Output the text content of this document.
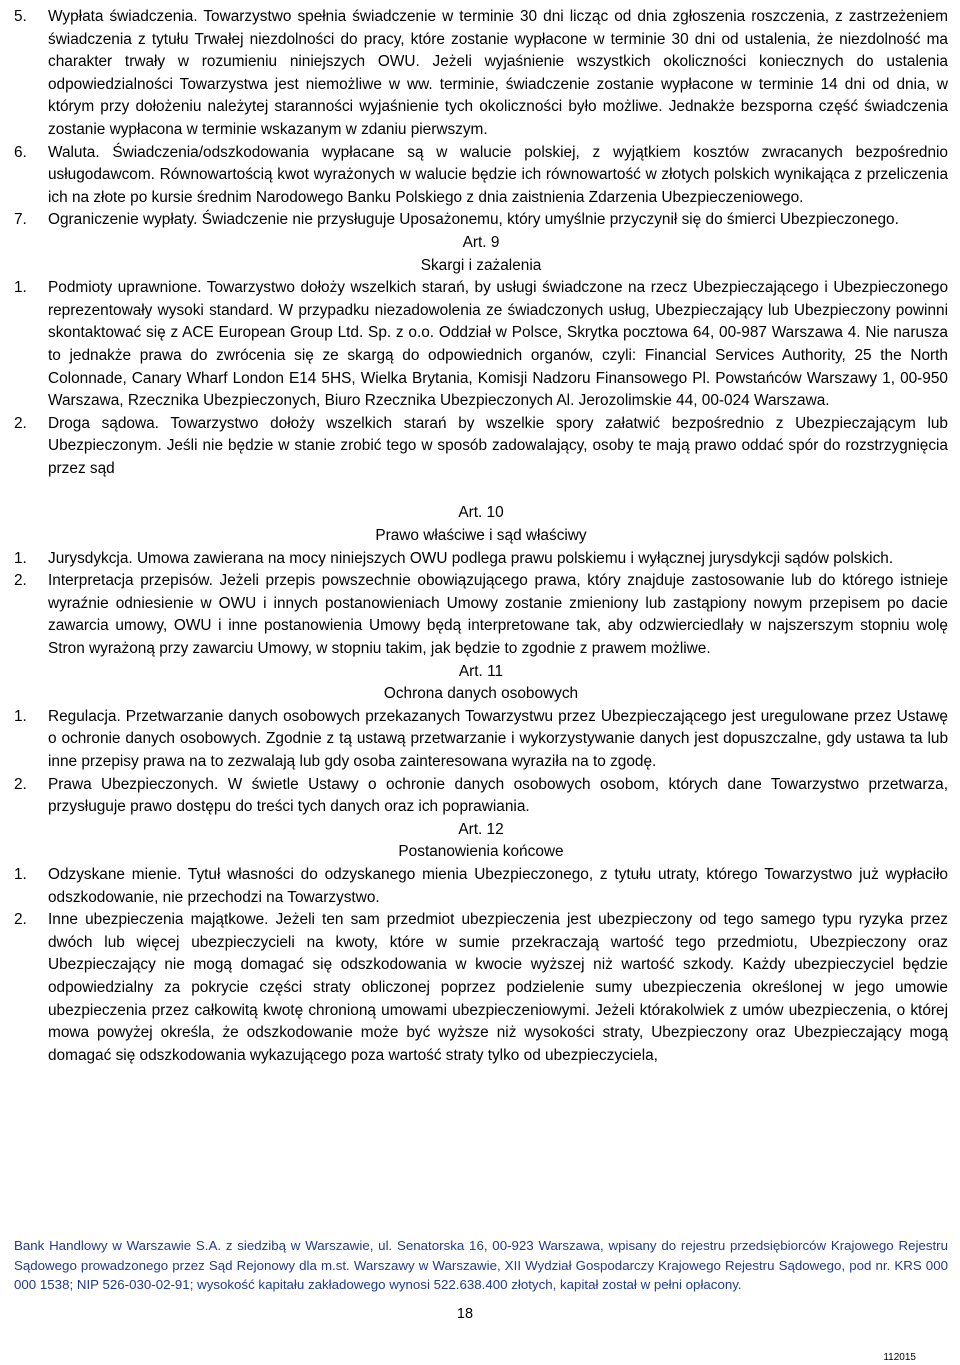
5.	Wypłata świadczenia. Towarzystwo spełnia świadczenie w terminie 30 dni licząc od dnia zgłoszenia roszczenia, z zastrzeżeniem świadczenia z tytułu Trwałej niezdolności do pracy, które zostanie wypłacone w terminie 30 dni od ustalenia, że niezdolność ma charakter trwały w rozumieniu niniejszych OWU. Jeżeli wyjaśnienie wszystkich okoliczności koniecznych do ustalenia odpowiedzialności Towarzystwa jest niemożliwe w ww. terminie, świadczenie zostanie wypłacone w terminie 14 dni od dnia, w którym przy dołożeniu należytej staranności wyjaśnienie tych okoliczności było możliwe. Jednakże bezsporna część świadczenia zostanie wypłacona w terminie wskazanym w zdaniu pierwszym.
6.	Waluta. Świadczenia/odszkodowania wypłacane są w walucie polskiej, z wyjątkiem kosztów zwracanych bezpośrednio usługodawcom. Równowartością kwot wyrażonych w walucie będzie ich równowartość w złotych polskich wynikająca z przeliczenia ich na złote po kursie średnim Narodowego Banku Polskiego z dnia zaistnienia Zdarzenia Ubezpieczeniowego.
7.	Ograniczenie wypłaty. Świadczenie nie przysługuje Uposażonemu, który umyślnie przyczynił się do śmierci Ubezpieczonego.
Art. 9
Skargi i zażalenia
1.	Podmioty uprawnione. Towarzystwo dołoży wszelkich starań, by usługi świadczone na rzecz Ubezpieczającego i Ubezpieczonego reprezentowały wysoki standard. W przypadku niezadowolenia ze świadczonych usług, Ubezpieczający lub Ubezpieczony powinni skontaktować się z ACE European Group Ltd. Sp. z o.o. Oddział w Polsce, Skrytka pocztowa 64, 00-987 Warszawa 4. Nie narusza to jednakże prawa do zwrócenia się ze skargą do odpowiednich organów, czyli: Financial Services Authority, 25 the North Colonnade, Canary Wharf London E14 5HS, Wielka Brytania, Komisji Nadzoru Finansowego Pl. Powstańców Warszawy 1, 00-950 Warszawa, Rzecznika Ubezpieczonych, Biuro Rzecznika Ubezpieczonych Al. Jerozolimskie 44, 00-024 Warszawa.
2.	Droga sądowa. Towarzystwo dołoży wszelkich starań by wszelkie spory załatwić bezpośrednio z Ubezpieczającym lub Ubezpieczonym. Jeśli nie będzie w stanie zrobić tego w sposób zadowalający, osoby te mają prawo oddać spór do rozstrzygnięcia przez sąd
Art. 10
Prawo właściwe i sąd właściwy
1.	Jurysdykcja. Umowa zawierana na mocy niniejszych OWU podlega prawu polskiemu i wyłącznej jurysdykcji sądów polskich.
2.	Interpretacja przepisów. Jeżeli przepis powszechnie obowiązującego prawa, który znajduje zastosowanie lub do którego istnieje wyraźnie odniesienie w OWU i innych postanowieniach Umowy zostanie zmieniony lub zastąpiony nowym przepisem po dacie zawarcia umowy, OWU i inne postanowienia Umowy będą interpretowane tak, aby odzwierciedlały w najszerszym stopniu wolę Stron wyrażoną przy zawarciu Umowy, w stopniu takim, jak będzie to zgodnie z prawem możliwe.
Art. 11
Ochrona danych osobowych
1.	Regulacja. Przetwarzanie danych osobowych przekazanych Towarzystwu przez Ubezpieczającego jest uregulowane przez Ustawę o ochronie danych osobowych. Zgodnie z tą ustawą przetwarzanie i wykorzystywanie danych jest dopuszczalne, gdy ustawa ta lub inne przepisy prawa na to zezwalają lub gdy osoba zainteresowana wyraziła na to zgodę.
2.	Prawa Ubezpieczonych. W świetle Ustawy o ochronie danych osobowych osobom, których dane Towarzystwo przetwarza, przysługuje prawo dostępu do treści tych danych oraz ich poprawiania.
Art. 12
Postanowienia końcowe
1.	Odzyskane mienie. Tytuł własności do odzyskanego mienia Ubezpieczonego, z tytułu utraty, którego Towarzystwo już wypłaciło odszkodowanie, nie przechodzi na Towarzystwo.
2.	Inne ubezpieczenia majątkowe. Jeżeli ten sam przedmiot ubezpieczenia jest ubezpieczony od tego samego typu ryzyka przez dwóch lub więcej ubezpieczycieli na kwoty, które w sumie przekraczają wartość tego przedmiotu, Ubezpieczony oraz Ubezpieczający nie mogą domagać się odszkodowania w kwocie wyższej niż wartość szkody. Każdy ubezpieczyciel będzie odpowiedzialny za pokrycie części straty obliczonej poprzez podzielenie sumy ubezpieczenia określonej w jego umowie ubezpieczenia przez całkowitą kwotę chronioną umowami ubezpieczeniowymi. Jeżeli którakolwiek z umów ubezpieczenia, o której mowa powyżej określa, że odszkodowanie może być wyższe niż wysokości straty, Ubezpieczony oraz Ubezpieczający mogą domagać się odszkodowania wykazującego poza wartość straty tylko od ubezpieczyciela,
Bank Handlowy w Warszawie S.A. z siedzibą w Warszawie, ul. Senatorska 16, 00-923 Warszawa, wpisany do rejestru przedsiębiorców Krajowego Rejestru Sądowego prowadzonego przez Sąd Rejonowy dla m.st. Warszawy w Warszawie, XII Wydział Gospodarczy Krajowego Rejestru Sądowego, pod nr. KRS 000 000 1538; NIP 526-030-02-91; wysokość kapitału zakładowego wynosi 522.638.400 złotych, kapitał został w pełni opłacony.
18
112015
